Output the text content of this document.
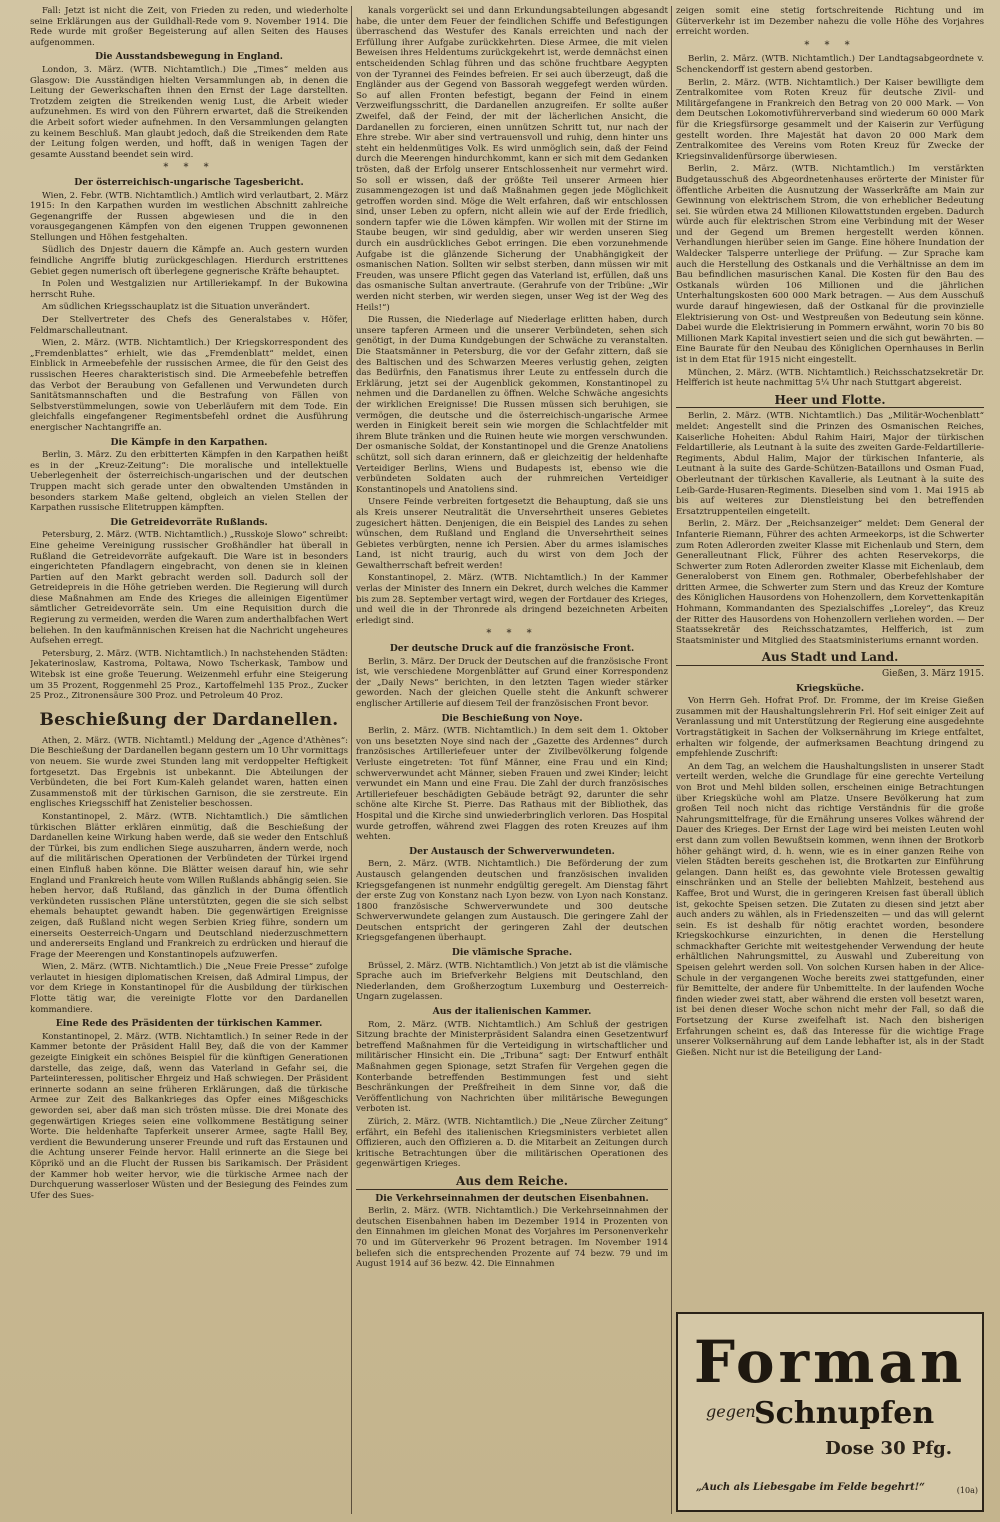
Fall: Jetzt ist nicht die Zeit, von Frieden zu reden, und wiederholte seine Erklärungen aus der Guildhall-Rede vom 9. November 1914. Die Rede wurde mit großer Begeisterung auf allen Seiten des Hauses aufgenommen.

Die Ausstandsbewegung in England.

London, 3. März. (WTB. Nichtamtlich.) Die „Times“ melden aus Glasgow: Die Ausständigen hielten Versammlungen ab, in denen die Leitung der Gewerkschaften ihnen den Ernst der Lage darstellten. Trotzdem zeigten die Streikenden wenig Lust, die Arbeit wieder aufzunehmen. Es wird von den Führern erwartet, daß die Streikenden die Arbeit sofort wieder aufnehmen. In den Versammlungen gelangten zu keinem Beschluß. Man glaubt jedoch, daß die Streikenden dem Rate der Leitung folgen werden, und hofft, daß in wenigen Tagen der gesamte Ausstand beendet sein wird.

* * *
Der österreichisch-ungarische Tagesbericht.

Wien, 2. Febr. (WTB. Nichtamtlich.) Amtlich wird verlautbart, 2. März 1915: In den Karpathen wurden im westlichen Abschnitt zahlreiche Gegenangriffe der Russen abgewiesen und die in den vorausgegangenen Kämpfen von den eigenen Truppen gewonnenen Stellungen und Höhen festgehalten.

Südlich des Dnjestr dauern die Kämpfe an. Auch gestern wurden feindliche Angriffe blutig zurückgeschlagen. Hierdurch erstrittenes Gebiet gegen numerisch oft überlegene gegnerische Kräfte behauptet.

In Polen und Westgalizien nur Artilleriekampf. In der Bukowina herrscht Ruhe.

Am südlichen Kriegsschauplatz ist die Situation unverändert.

Der Stellvertreter des Chefs des Generalstabes v. Höfer, Feldmarschalleutnant.

Wien, 2. März. (WTB. Nichtamtlich.) Der Kriegskorrespondent des „Fremdenblattes“ erhielt, wie das „Fremdenblatt“ meldet, einen Einblick in Armeebefehle der russischen Armee, die für den Geist des russischen Heeres charakteristisch sind. Die Armeebefehle betreffen das Verbot der Beraubung von Gefallenen und Verwundeten durch Sanitätsmannschaften und die Bestrafung von Fällen von Selbstverstümmelungen, sowie von Ueberläufern mit dem Tode. Ein gleichfalls eingefangener Regimentsbefehl ordnet die Ausführung energischer Nachtangriffe an.

Die Kämpfe in den Karpathen.

Berlin, 3. März. Zu den erbitterten Kämpfen in den Karpathen heißt es in der „Kreuz-Zeitung“: Die moralische und intellektuelle Ueberlegenheit der österreichisch-ungarischen und der deutschen Truppen macht sich gerade unter den obwaltenden Umständen in besonders starkem Maße geltend, obgleich an vielen Stellen der Karpathen russische Elitetruppen kämpften.

Die Getreidevorräte Rußlands.

Petersburg, 2. März. (WTB. Nichtamtlich.) „Russkoje Slowo“ schreibt: Eine geheime Vereinigung russischer Großhändler hat überall in Rußland die Getreidevorräte aufgekauft. Die Ware ist in besonders eingerichteten Pfandlagern eingebracht, von denen sie in kleinen Partien auf den Markt gebracht werden soll. Dadurch soll der Getreidepreis in die Höhe getrieben werden. Die Regierung will durch diese Maßnahmen am Ende des Krieges die alleinigen Eigentümer sämtlicher Getreidevorräte sein. Um eine Requisition durch die Regierung zu vermeiden, werden die Waren zum anderthalbfachen Wert beliehen. In den kaufmännischen Kreisen hat die Nachricht ungeheures Aufsehen erregt.

Petersburg, 2. März. (WTB. Nichtamtlich.) In nachstehenden Städten: Jekaterinoslaw, Kastroma, Poltawa, Nowo Tscherkask, Tambow und Witebsk ist eine große Teuerung. Weizenmehl erfuhr eine Steigerung um 35 Prozent, Roggenmehl 25 Proz., Kartoffelmehl 135 Proz., Zucker 25 Proz., Zitronensäure 300 Proz. und Petroleum 40 Proz.

Beschießung der Dardanellen.

Athen, 2. März. (WTB. Nichtamtl.) Meldung der „Agence d'Athènes“: Die Beschießung der Dardanellen begann gestern um 10 Uhr vormittags von neuem. Sie wurde zwei Stunden lang mit verdoppelter Heftigkeit fortgesetzt. Das Ergebnis ist unbekannt. Die Abteilungen der Verbündeten, die bei Fort Kum-Kaleh gelandet waren, hatten einen Zusammenstoß mit der türkischen Garnison, die sie zerstreute. Ein englisches Kriegsschiff hat Zenistelier beschossen.

Konstantinopel, 2. März. (WTB. Nichtamtlich.) Die sämtlichen türkischen Blätter erklären einmütig, daß die Beschießung der Dardanellen keine Wirkung haben werde, daß sie weder den Entschluß der Türkei, bis zum endlichen Siege auszuharren, ändern werde, noch auf die militärischen Operationen der Verbündeten der Türkei irgend einen Einfluß haben könne. Die Blätter weisen darauf hin, wie sehr England und Frankreich heute vom Willen Rußlands abhängig seien. Sie heben hervor, daß Rußland, das gänzlich in der Duma öffentlich verkündeten russischen Pläne unterstützten, gegen die sie sich selbst ehemals behauptet gewandt haben. Die gegenwärtigen Ereignisse zeigen, daß Rußland nicht wegen Serbien Krieg führe, sondern um einerseits Oesterreich-Ungarn und Deutschland niederzuschmettern und andererseits England und Frankreich zu erdrücken und hierauf die Frage der Meerengen und Konstantinopels aufzuwerfen.

Wien, 2. März. (WTB. Nichtamtlich.) Die „Neue Freie Presse“ zufolge verlautet in hiesigen diplomatischen Kreisen, daß Admiral Limpus, der vor dem Kriege in Konstantinopel für die Ausbildung der türkischen Flotte tätig war, die vereinigte Flotte vor den Dardanellen kommandiere.

Eine Rede des Präsidenten der türkischen Kammer.

Konstantinopel, 2. März. (WTB. Nichtamtlich.) In seiner Rede in der Kammer betonte der Präsident Halil Bey, daß die von der Kammer gezeigte Einigkeit ein schönes Beispiel für die künftigen Generationen darstelle, das zeige, daß, wenn das Vaterland in Gefahr sei, die Parteiinteressen, politischer Ehrgeiz und Haß schwiegen. Der Präsident erinnerte sodann an seine früheren Erklärungen, daß die türkische Armee zur Zeit des Balkankrieges das Opfer eines Mißgeschicks geworden sei, aber daß man sich trösten müsse. Die drei Monate des gegenwärtigen Krieges seien eine vollkommene Bestätigung seiner Worte. Die heldenhafte Tapferkeit unserer Armee, sagte Halil Bey, verdient die Bewunderung unserer Freunde und ruft das Erstaunen und die Achtung unserer Feinde hervor. Halil erinnerte an die Siege bei Köprikö und an die Flucht der Russen bis Sarikamisch. Der Präsident der Kammer hob weiter hervor, wie die türkische Armee nach der Durchquerung wasserloser Wüsten und der Besiegung des Feindes zum Ufer des Sues-

kanals vorgerückt sei und dann Erkundungsabteilungen abgesandt habe, die unter dem Feuer der feindlichen Schiffe und Befestigungen überraschend das Westufer des Kanals erreichten und nach der Erfüllung ihrer Aufgabe zurückkehrten. Diese Armee, die mit vielen Beweisen ihres Heldentums zurückgekehrt ist, werde demnächst einen entscheidenden Schlag führen und das schöne fruchtbare Aegypten von der Tyrannei des Feindes befreien. Er sei auch überzeugt, daß die Engländer aus der Gegend von Bassorah weggefegt werden würden. So auf allen Fronten befestigt, begann der Feind in einem Verzweiflungsschritt, die Dardanellen anzugreifen. Er sollte außer Zweifel, daß der Feind, der mit der lächerlichen Ansicht, die Dardanellen zu forcieren, einen unnützen Schritt tut, nur nach der Ehre strebe. Wir aber sind vertrauensvoll und ruhig, denn hinter uns steht ein heldenmütiges Volk. Es wird unmöglich sein, daß der Feind durch die Meerengen hindurchkommt, kann er sich mit dem Gedanken trösten, daß der Erfolg unserer Entschlossenheit nur vermehrt wird. So soll er wissen, daß der größte Teil unserer Armeen hier zusammengezogen ist und daß Maßnahmen gegen jede Möglichkeit getroffen worden sind. Möge die Welt erfahren, daß wir entschlossen sind, unser Leben zu opfern, nicht allein wie auf der Erde friedlich, sondern tapfer wie die Löwen kämpfen. Wir wollen mit der Stirne im Staube beugen, wir sind geduldig, aber wir werden unseren Sieg durch ein ausdrückliches Gebot erringen. Die eben vorzunehmende Aufgabe ist die glänzende Sicherung der Unabhängigkeit der osmanischen Nation. Sollten wir selbst sterben, dann müssen wir mit Freuden, was unsere Pflicht gegen das Vaterland ist, erfüllen, daß uns das osmanische Sultan anvertraute. (Gerahrufe von der Tribüne: „Wir werden nicht sterben, wir werden siegen, unser Weg ist der Weg des Heils!“)

Die Russen, die Niederlage auf Niederlage erlitten haben, durch unsere tapferen Armeen und die unserer Verbündeten, sehen sich genötigt, in der Duma Kundgebungen der Schwäche zu veranstalten. Die Staatsmänner in Petersburg, die vor der Gefahr zittern, daß sie des Baltischen und des Schwarzen Meeres verlustig gehen, zeigten das Bedürfnis, den Fanatismus ihrer Leute zu entfesseln durch die Erklärung, jetzt sei der Augenblick gekommen, Konstantinopel zu nehmen und die Dardanellen zu öffnen. Welche Schwäche angesichts der wirklichen Ereignisse! Die Russen müssen sich beruhigen, sie vermögen, die deutsche und die österreichisch-ungarische Armee werden in Einigkeit bereit sein wie morgen die Schlachtfelder mit ihrem Blute tränken und die Ruinen heute wie morgen verschwunden. Der osmanische Soldat, der Konstantinopel und die Grenze Anatoliens schützt, soll sich daran erinnern, daß er gleichzeitig der heldenhafte Verteidiger Berlins, Wiens und Budapests ist, ebenso wie die verbündeten Soldaten auch der ruhmreichen Verteidiger Konstantinopels und Anatoliens sind.

Unsere Feinde verbreiten fortgesetzt die Behauptung, daß sie uns als Kreis unserer Neutralität die Unversehrtheit unseres Gebietes zugesichert hätten. Denjenigen, die ein Beispiel des Landes zu sehen wünschen, dem Rußland und England die Unversehrtheit seines Gebietes verbürgten, nenne ich Persien. Aber du armes islamisches Land, ist nicht traurig, auch du wirst von dem Joch der Gewaltherrschaft befreit werden!

Konstantinopel, 2. März. (WTB. Nichtamtlich.) In der Kammer verlas der Minister des Innern ein Dekret, durch welches die Kammer bis zum 28. September vertagt wird, wegen der Fortdauer des Krieges, und weil die in der Thronrede als dringend bezeichneten Arbeiten erledigt sind.

* * *
Der deutsche Druck auf die französische Front.

Berlin, 3. März. Der Druck der Deutschen auf die französische Front ist, wie verschiedene Morgenblätter auf Grund einer Korrespondenz der „Daily News“ berichten, in den letzten Tagen wieder stärker geworden. Nach der gleichen Quelle steht die Ankunft schwerer englischer Artillerie auf diesem Teil der französischen Front bevor.

Die Beschießung von Noye.

Berlin, 2. März. (WTB. Nichtamtlich.) In dem seit dem 1. Oktober von uns besetzten Noye sind nach der „Gazette des Ardennes“ durch französisches Artilleriefeuer unter der Zivilbevölkerung folgende Verluste eingetreten: Tot fünf Männer, eine Frau und ein Kind; schwerverwundet acht Männer, sieben Frauen und zwei Kinder; leicht verwundet ein Mann und eine Frau. Die Zahl der durch französisches Artilleriefeuer beschädigten Gebäude beträgt 92, darunter die sehr schöne alte Kirche St. Pierre. Das Rathaus mit der Bibliothek, das Hospital und die Kirche sind unwiederbringlich verloren. Das Hospital wurde getroffen, während zwei Flaggen des roten Kreuzes auf ihm wehten.

Der Austausch der Schwerverwundeten.

Bern, 2. März. (WTB. Nichtamtlich.) Die Beförderung der zum Austausch gelangenden deutschen und französischen invaliden Kriegsgefangenen ist nunmehr endgültig geregelt. Am Dienstag fährt der erste Zug von Konstanz nach Lyon bezw. von Lyon nach Konstanz. 1800 französische Schwerverwundete und 300 deutsche Schwerverwundete gelangen zum Austausch. Die geringere Zahl der Deutschen entspricht der geringeren Zahl der deutschen Kriegsgefangenen überhaupt.

Die vlämische Sprache.

Brüssel, 2. März. (WTB. Nichtamtlich.) Von jetzt ab ist die vlämische Sprache auch im Briefverkehr Belgiens mit Deutschland, den Niederlanden, dem Großherzogtum Luxemburg und Oesterreich-Ungarn zugelassen.

Aus der italienischen Kammer.

Rom, 2. März. (WTB. Nichtamtlich.) Am Schluß der gestrigen Sitzung brachte der Ministerpräsident Salandra einen Gesetzentwurf betreffend Maßnahmen für die Verteidigung in wirtschaftlicher und militärischer Hinsicht ein. Die „Tribuna“ sagt: Der Entwurf enthält Maßnahmen gegen Spionage, setzt Strafen für Vergehen gegen die Konterbande betreffenden Bestimmungen fest und sieht Beschränkungen der Preßfreiheit in dem Sinne vor, daß die Veröffentlichung von Nachrichten über militärische Bewegungen verboten ist.

Zürich, 2. März. (WTB. Nichtamtlich.) Die „Neue Zürcher Zeitung“ erfährt, ein Befehl des italienischen Kriegsministers verbietet allen Offizieren, auch den Offizieren a. D. die Mitarbeit an Zeitungen durch kritische Betrachtungen über die militärischen Operationen des gegenwärtigen Krieges.

Aus dem Reiche.
Die Verkehrseinnahmen der deutschen Eisenbahnen.

Berlin, 2. März. (WTB. Nichtamtlich.) Die Verkehrseinnahmen der deutschen Eisenbahnen haben im Dezember 1914 in Prozenten von den Einnahmen im gleichen Monat des Vorjahres im Personenverkehr 70 und im Güterverkehr 96 Prozent betragen. Im November 1914 beliefen sich die entsprechenden Prozente auf 74 bezw. 79 und im August 1914 auf 36 bezw. 42. Die Einnahmen

zeigen somit eine stetig fortschreitende Richtung und im Güterverkehr ist im Dezember nahezu die volle Höhe des Vorjahres erreicht worden.

* * *

Berlin, 2. März. (WTB. Nichtamtlich.) Der Landtagsabgeordnete v. Schenckendorff ist gestern abend gestorben.

Berlin, 2. März. (WTB. Nichtamtlich.) Der Kaiser bewilligte dem Zentralkomitee vom Roten Kreuz für deutsche Zivil- und Militärgefangene in Frankreich den Betrag von 20 000 Mark. — Von dem Deutschen Lokomotivführerverband sind wiederum 60 000 Mark für die Kriegsfürsorge gesammelt und der Kaiserin zur Verfügung gestellt worden. Ihre Majestät hat davon 20 000 Mark dem Zentralkomitee des Vereins vom Roten Kreuz für Zwecke der Kriegsinvalidenfürsorge überwiesen.

Berlin, 2. März. (WTB. Nichtamtlich.) Im verstärkten Budgetausschuß des Abgeordnetenhauses erörterte der Minister für öffentliche Arbeiten die Ausnutzung der Wasserkräfte am Main zur Gewinnung von elektrischem Strom, die von erheblicher Bedeutung sei. Sie würden etwa 24 Millionen Kilowattstunden ergeben. Dadurch würde auch für elektrischen Strom eine Verbindung mit der Weser und der Gegend um Bremen hergestellt werden können. Verhandlungen hierüber seien im Gange. Eine höhere Inundation der Waldecker Talsperre unterliege der Prüfung. — Zur Sprache kam auch die Herstellung des Ostkanals und die Verhältnisse an dem im Bau befindlichen masurischen Kanal. Die Kosten für den Bau des Ostkanals würden 106 Millionen und die jährlichen Unterhaltungskosten 600 000 Mark betragen. — Aus dem Ausschuß wurde darauf hingewiesen, daß der Ostkanal für die provinzielle Elektrisierung von Ost- und Westpreußen von Bedeutung sein könne. Dabei wurde die Elektrisierung in Pommern erwähnt, worin 70 bis 80 Millionen Mark Kapital investiert seien und die sich gut bewährten. — Eine Baurate für den Neubau des Königlichen Opernhauses in Berlin ist in dem Etat für 1915 nicht eingestellt.

München, 2. März. (WTB. Nichtamtlich.) Reichsschatzsekretär Dr. Helfferich ist heute nachmittag 5¼ Uhr nach Stuttgart abgereist.

Heer und Flotte.

Berlin, 2. März. (WTB. Nichtamtlich.) Das „Militär-Wochenblatt“ meldet: Angestellt sind die Prinzen des Osmanischen Reiches, Kaiserliche Hoheiten: Abdul Rahim Hairi, Major der türkischen Feldartillerie, als Leutnant à la suite des zweiten Garde-Feldartillerie-Regiments, Abdul Halim, Major der türkischen Infanterie, als Leutnant à la suite des Garde-Schützen-Bataillons und Osman Fuad, Oberleutnant der türkischen Kavallerie, als Leutnant à la suite des Leib-Garde-Husaren-Regiments. Dieselben sind vom 1. Mai 1915 ab bis auf weiteres zur Dienstleistung bei den betreffenden Ersatztruppenteilen eingeteilt.

Berlin, 2. März. Der „Reichsanzeiger“ meldet: Dem General der Infanterie Riemann, Führer des achten Armeekorps, ist die Schwerter zum Roten Adlerorden zweiter Klasse mit Eichenlaub und Stern, dem Generalleutnant Flick, Führer des achten Reservekorps, die Schwerter zum Roten Adlerorden zweiter Klasse mit Eichenlaub, dem Generaloberst von Einem gen. Rothmaler, Oberbefehlshaber der dritten Armee, die Schwerter zum Stern und das Kreuz der Komture des Königlichen Hausordens von Hohenzollern, dem Korvettenkapitän Hohmann, Kommandanten des Spezialschiffes „Loreley“, das Kreuz der Ritter des Hausordens von Hohenzollern verliehen worden. — Der Staatssekretär des Reichsschatzamtes, Helfferich, ist zum Staatsminister und Mitglied des Staatsministeriums ernannt worden.

Aus Stadt und Land.
Gießen, 3. März 1915.
Kriegsküche.

Von Herrn Geh. Hofrat Prof. Dr. Fromme, der im Kreise Gießen zusammen mit der Haushaltungslehrerin Frl. Hof seit einiger Zeit auf Veranlassung und mit Unterstützung der Regierung eine ausgedehnte Vortragstätigkeit in Sachen der Volksernährung im Kriege entfaltet, erhalten wir folgende, der aufmerksamen Beachtung dringend zu empfehlende Zuschrift:

An dem Tag, an welchem die Haushaltungslisten in unserer Stadt verteilt werden, welche die Grundlage für eine gerechte Verteilung von Brot und Mehl bilden sollen, erscheinen einige Betrachtungen über Kriegsküche wohl am Platze. Unsere Bevölkerung hat zum großen Teil noch nicht das richtige Verständnis für die große Nahrungsmittelfrage, für die Ernährung unseres Volkes während der Dauer des Krieges. Der Ernst der Lage wird bei meisten Leuten wohl erst dann zum vollen Bewußtsein kommen, wenn ihnen der Brotkorb höher gehängt wird, d. h. wenn, wie es in einer ganzen Reihe von vielen Städten bereits geschehen ist, die Brotkarten zur Einführung gelangen. Dann heißt es, das gewohnte viele Brotessen gewaltig einschränken und an Stelle der beliebten Mahlzeit, bestehend aus Kaffee, Brot und Wurst, die in geringeren Kreisen fast überall üblich ist, gekochte Speisen setzen. Die Zutaten zu diesen sind jetzt aber auch anders zu wählen, als in Friedenszeiten — und das will gelernt sein. Es ist deshalb für nötig erachtet worden, besondere Kriegskochkurse einzurichten, in denen die Herstellung schmackhafter Gerichte mit weitestgehender Verwendung der heute erhältlichen Nahrungsmittel, zu Auswahl und Zubereitung von Speisen gelehrt werden soll. Von solchen Kursen haben in der Alice-Schule in der vergangenen Woche bereits zwei stattgefunden, einer für Bemittelte, der andere für Unbemittelte. In der laufenden Woche finden wieder zwei statt, aber während die ersten voll besetzt waren, ist bei denen dieser Woche schon nicht mehr der Fall, so daß die Fortsetzung der Kurse zweifelhaft ist. Nach den bisherigen Erfahrungen scheint es, daß das Interesse für die wichtige Frage unserer Volksernährung auf dem Lande lebhafter ist, als in der Stadt Gießen. Nicht nur ist die Beteiligung der Land-

Forman
gegen
Schnupfen
Dose 30 Pfg.
„Auch als Liebesgabe im Felde begehrt!“	(10a)
